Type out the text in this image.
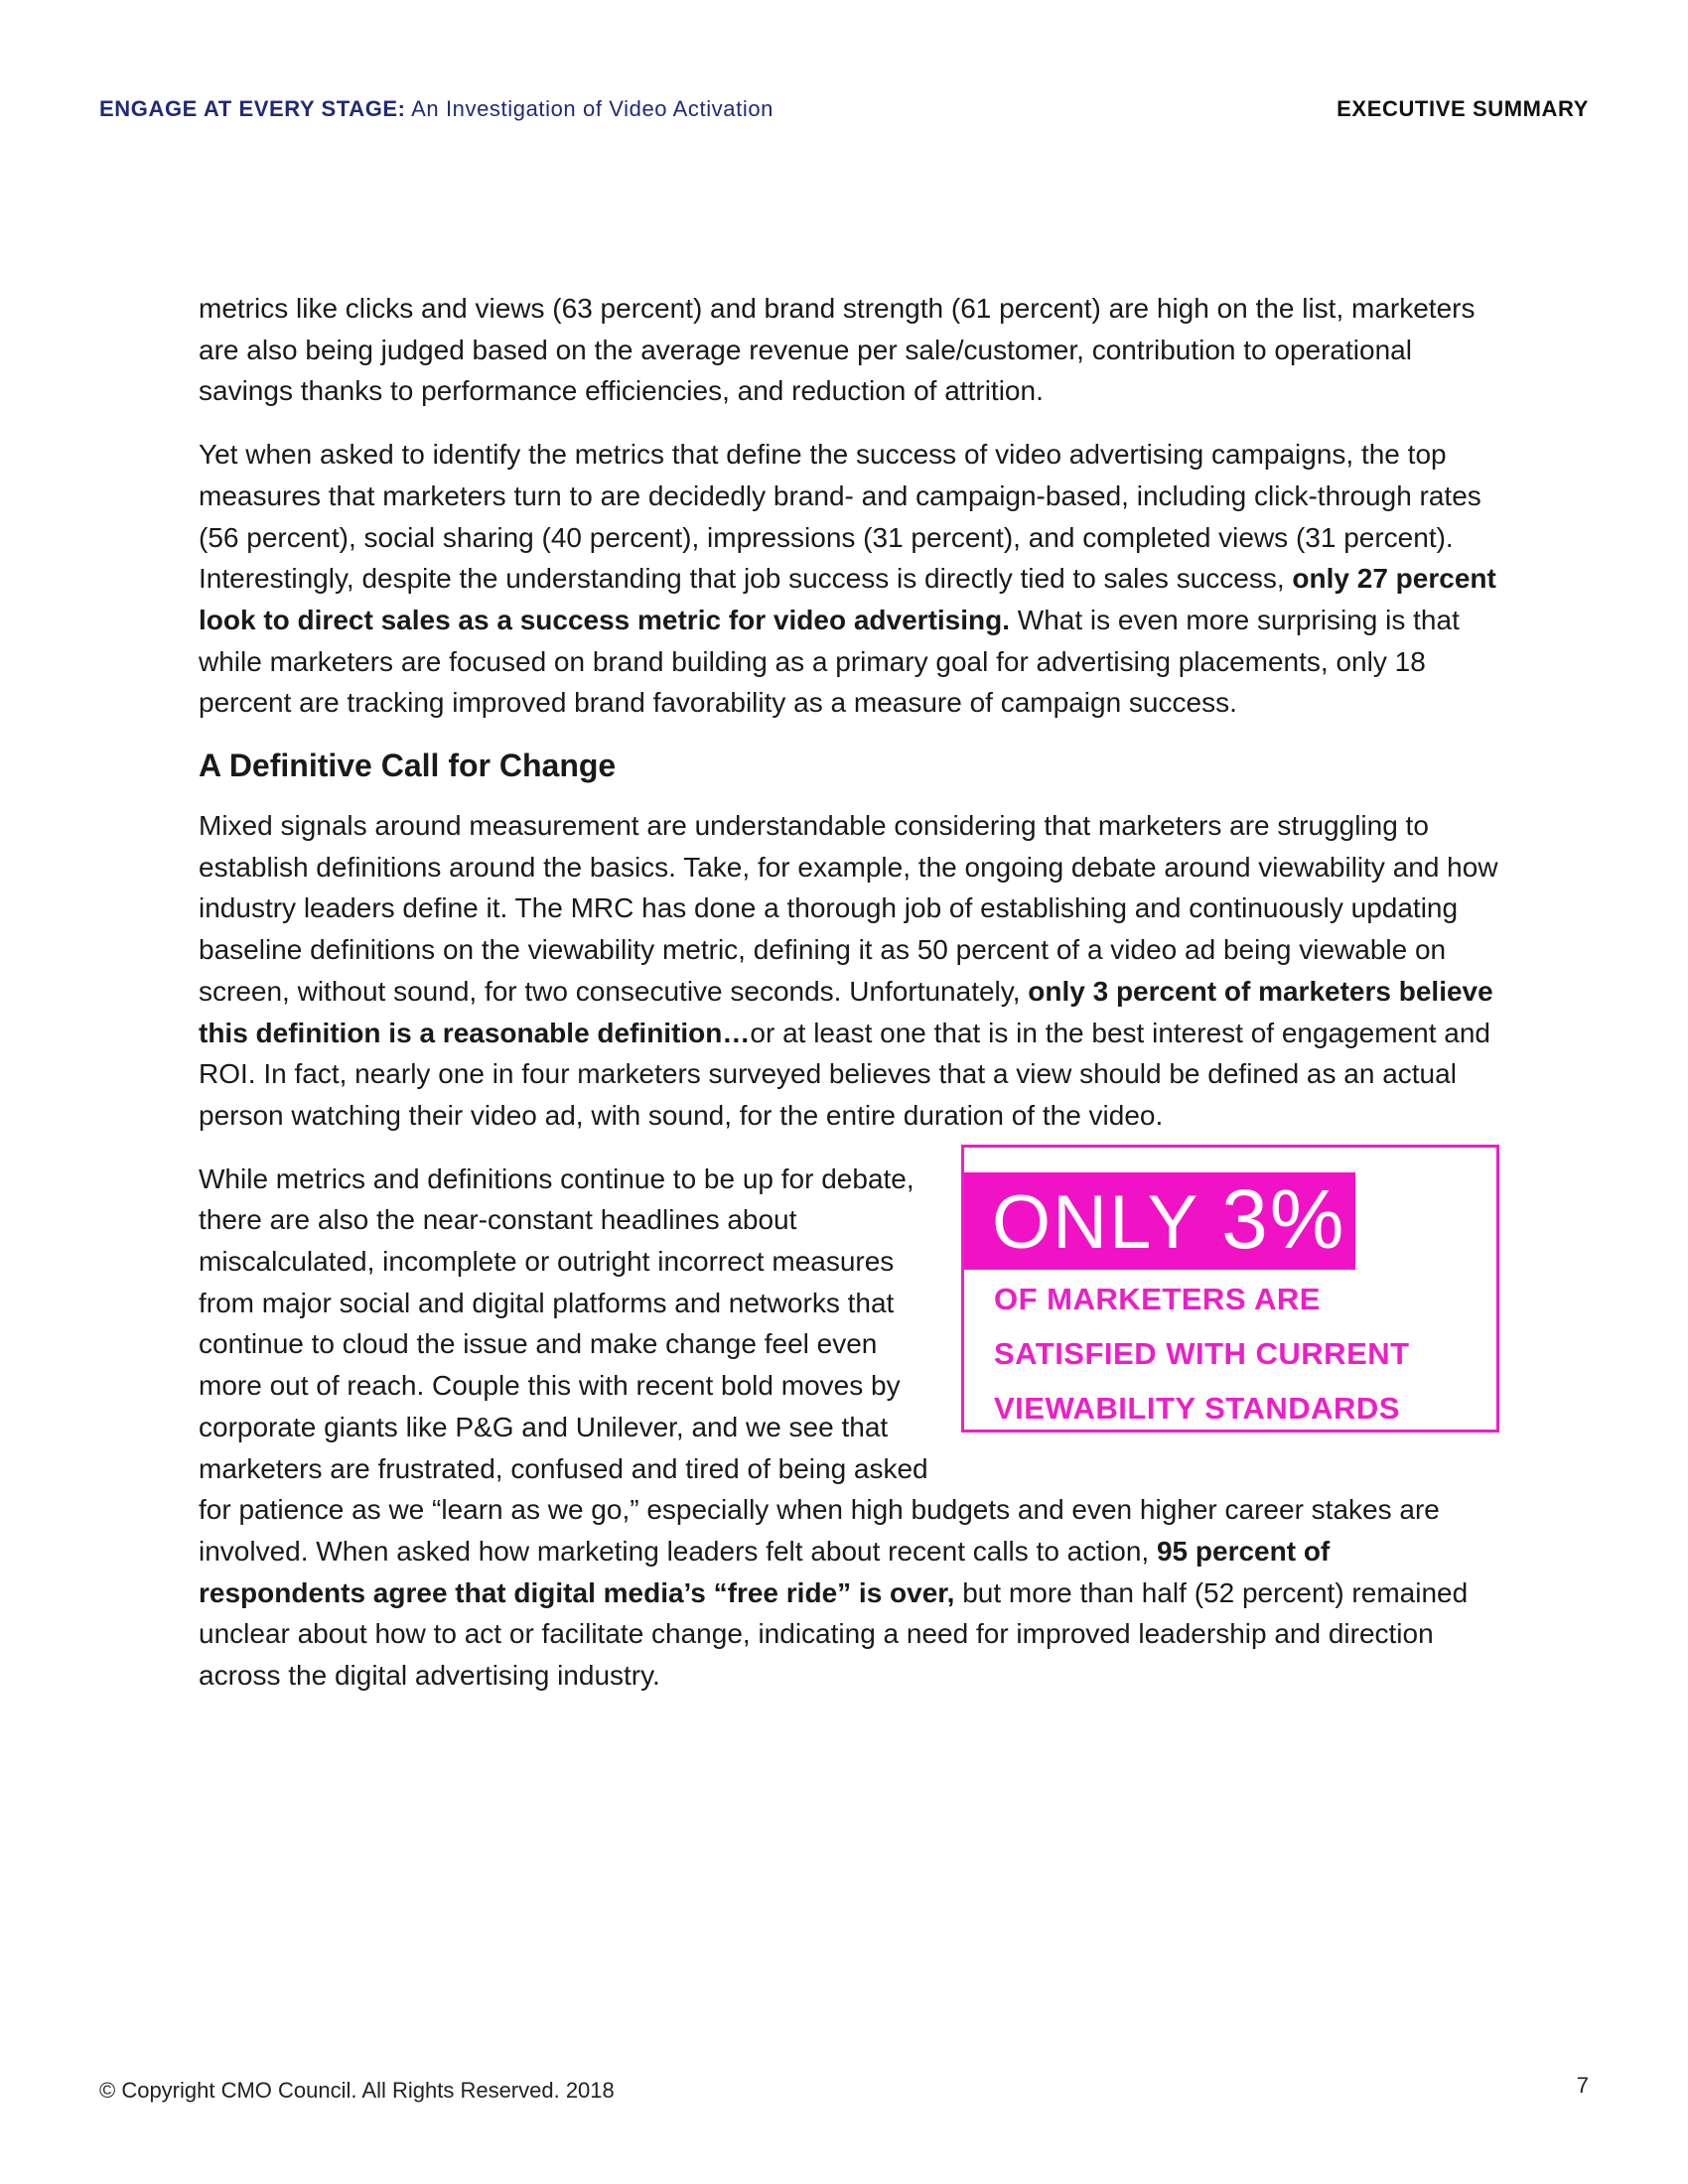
ENGAGE AT EVERY STAGE: An Investigation of Video Activation	EXECUTIVE SUMMARY

metrics like clicks and views (63 percent) and brand strength (61 percent) are high on the list, marketers are also being judged based on the average revenue per sale/customer, contribution to operational savings thanks to performance efficiencies, and reduction of attrition.

Yet when asked to identify the metrics that define the success of video advertising campaigns, the top measures that marketers turn to are decidedly brand- and campaign-based, including click-through rates (56 percent), social sharing (40 percent), impressions (31 percent), and completed views (31 percent). Interestingly, despite the understanding that job success is directly tied to sales success, only 27 percent look to direct sales as a success metric for video advertising. What is even more surprising is that while marketers are focused on brand building as a primary goal for advertising placements, only 18 percent are tracking improved brand favorability as a measure of campaign success.

A Definitive Call for Change

Mixed signals around measurement are understandable considering that marketers are struggling to establish definitions around the basics. Take, for example, the ongoing debate around viewability and how industry leaders define it. The MRC has done a thorough job of establishing and continuously updating baseline definitions on the viewability metric, defining it as 50 percent of a video ad being viewable on screen, without sound, for two consecutive seconds. Unfortunately, only 3 percent of marketers believe this definition is a reasonable definition…or at least one that is in the best interest of engagement and ROI. In fact, nearly one in four marketers surveyed believes that a view should be defined as an actual person watching their video ad, with sound, for the entire duration of the video.

ONLY 3%
OF MARKETERS ARE
SATISFIED WITH CURRENT
VIEWABILITY STANDARDS

While metrics and definitions continue to be up for debate, there are also the near-constant headlines about miscalculated, incomplete or outright incorrect measures from major social and digital platforms and networks that continue to cloud the issue and make change feel even more out of reach. Couple this with recent bold moves by corporate giants like P&G and Unilever, and we see that marketers are frustrated, confused and tired of being asked for patience as we “learn as we go,” especially when high budgets and even higher career stakes are involved. When asked how marketing leaders felt about recent calls to action, 95 percent of respondents agree that digital media’s “free ride” is over, but more than half (52 percent) remained unclear about how to act or facilitate change, indicating a need for improved leadership and direction across the digital advertising industry.

© Copyright CMO Council. All Rights Reserved. 2018	7
